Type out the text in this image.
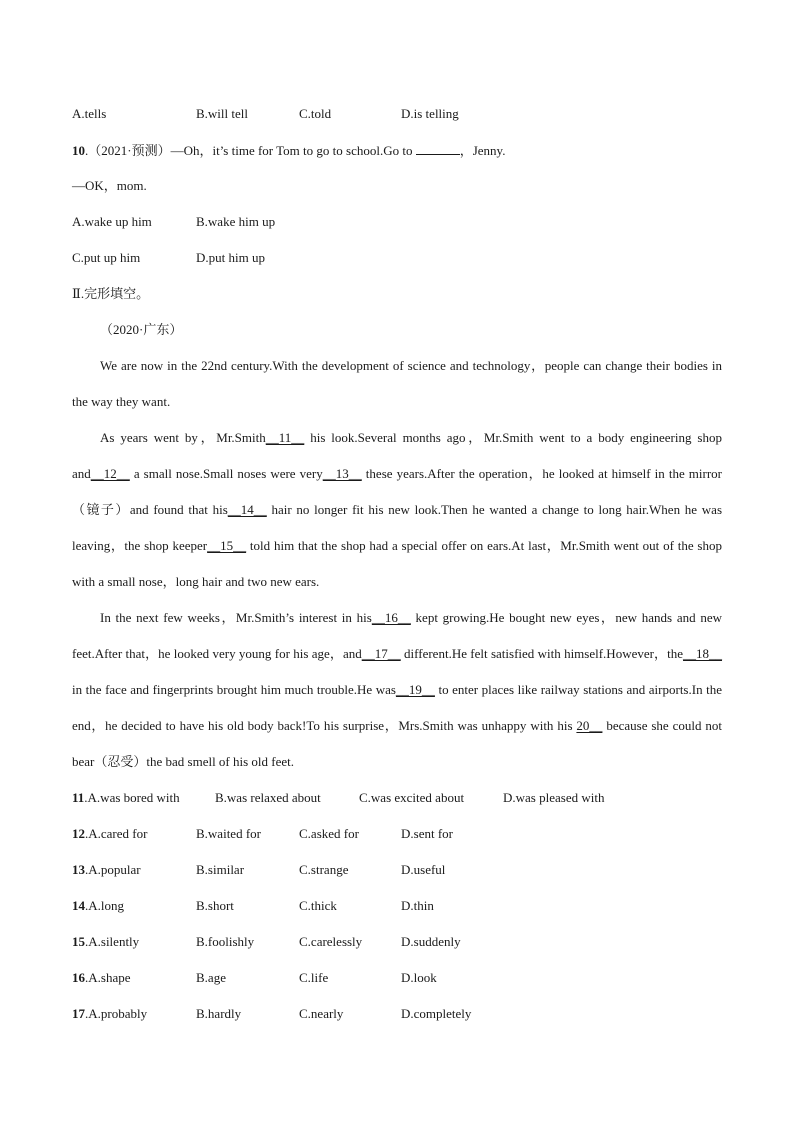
A.tells	B.will tell	C.told	D.is telling
10.（2021·预测）—Oh，it’s time for Tom to go to school.Go to	，Jenny.
—OK，mom.
A.wake up him	B.wake him up
C.put up him	D.put him up
Ⅱ.完形填空。
（2020·广东）
We are now in the 22nd century.With the development of science and technology，people can change their bodies in the way they want.
As years went by，Mr.Smith__11__ his look.Several months ago，Mr.Smith went to a body engineering shop and__12__ a small nose.Small noses were very__13__ these years.After the operation，he looked at himself in the mirror（镜子）and found that his__14__ hair no longer fit his new look.Then he wanted a change to long hair.When he was leaving，the shop keeper__15__ told him that the shop had a special offer on ears.At last，Mr.Smith went out of the shop with a small nose，long hair and two new ears.
In the next few weeks，Mr.Smith’s interest in his__16__ kept growing.He bought new eyes，new hands and new feet.After that，he looked very young for his age，and__17__ different.He felt satisfied with himself.However，the__18__ in the face and fingerprints brought him much trouble.He was__19__ to enter places like railway stations and airports.In the end，he decided to have his old body back!To his surprise，Mrs.Smith was unhappy with his 20__ because she could not bear（忍受）the bad smell of his old feet.
11.A.was bored with	B.was relaxed about	C.was excited about	D.was pleased with
12.A.cared for	B.waited for	C.asked for	D.sent for
13.A.popular	B.similar	C.strange	D.useful
14.A.long	B.short	C.thick	D.thin
15.A.silently	B.foolishly	C.carelessly	D.suddenly
16.A.shape	B.age	C.life	D.look
17.A.probably	B.hardly	C.nearly	D.completely
